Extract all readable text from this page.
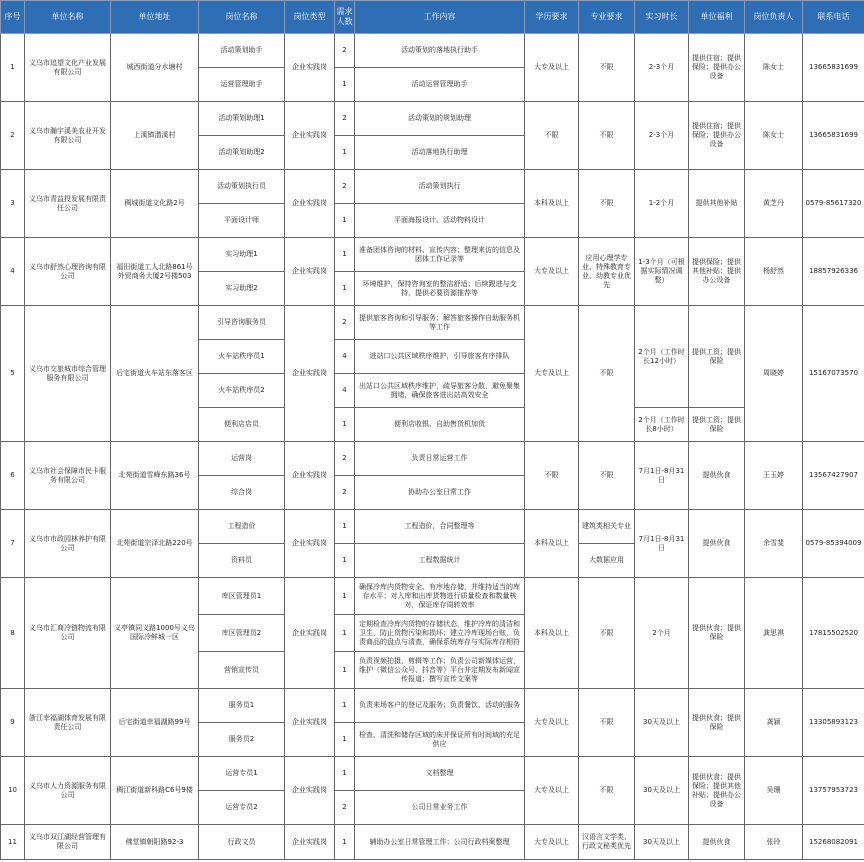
序号	单位名称	单位地址	岗位名称	岗位类型	需求人数	工作内容	学历要求	专业要求	实习时长	单位福利	岗位负责人	联系电话
1	义乌市追望文化产业发展有限公司	城西街道分水塘村	活动策划助手	企业实践岗	2	活动策划的落地执行助手	大专及以上	不限	2-3个月	提供住宿；提供保险；提供办公设备	陈女士	13665831699
			运营管理助手		1	活动运营管理助手						
2	义乌市瀚宇溪美农业开发有限公司	上溪镇潜溪村	活动策划助理1	企业实践岗	2	活动策划的规划助理	不限	不限	2-3个月	提供住宿；提供保险；提供办公设备	陈女士	13665831699
			活动策划助理2		1	活动落地执行助理						
3	义乌市青益投发展有限责任公司	稠城街道文化路2号	活动策划执行员	企业实践岗	2	活动策划执行	本科及以上	不限	1-2个月	提供其他补贴	黄芝丹	0579-85617320
			平面设计师		1	平面海报设计、活动物料设计						
4	义乌市舒然心理咨询有限公司	福田街道工人北路861号外贸商务大厦2号楼503	实习助理1	企业实践岗	1	准备团体咨询的材料、宣传内容；整理来访的信息及团体工作记录等	大专及以上	应用心理学专业、特殊教育专业、幼教专业优先	1-3个月（可根据实际情况调整）	提供保险；提供其他补贴；提供办公设备	杨舒然	18857926336
			实习助理2		1	环境维护，保持咨询室的整洁舒适；后续跟进与支持，提供必要资源推荐等						
5	义乌市交旅城市综合管理服务有限公司	后宅街道火车站东落客区	引导咨询服务员	企业实践岗	2	提供旅客咨询和引导服务；解答旅客操作自助服务机等工作	大专及以上	不限	2个月（工作时长12小时）	提供工资；提供保险	周晓婷	15167073570
			火车站秩序员1		4	进站口公共区域秩序维护，引导旅客有序排队						
			火车站秩序员2		4	出站口公共区域秩序维护，疏导旅客分散，避免聚集拥堵，确保旅客进出站高效安全						
			便利店店员		1	便利店收银、自助售货机加货			2个月（工作时长8小时）	提供工资；提供保险		
6	义乌市社会保障市民卡服务有限公司	北苑街道雪峰东路36号	运营岗	企业实践岗	2	负责日常运营工作	不限	不限	7月1日-8月31日	提供伙食	王玉婷	13567427907
			综合岗		2	协助办公室日常工作						
7	义乌市市政园林养护有限公司	北苑街道宗泽北路220号	工程造价	企业实践岗	1	工程造价，合同整理等	本科及以上	建筑类相关专业	7月1日-8月31日	提供伙食	余雪斐	0579-85394009
			资料员		1	工程数据统计		大数据应用				
8	义乌市汇商冷链物流有限公司	义亭镇同义路1000号义乌国际冷鲜城一区	库区管理员1	企业实践岗	1	确保冷库内货物安全、有序地存储，并维持适当的库存水平；对入库和出库货物进行质量检查和数量核对，保证库存周转效率	本科及以上	不限	2个月	提供伙食；提供保险	龚思祺	17815502520
			库区管理员2		1	定期检查冷库内货物的存储状态，维护冷库的清洁和卫生，防止货物污染和损坏；建立冷库现场台账，负责商品的盘点与清查，确保系统库存与实际库存相符						
			营销宣传员		1	负责视频拍摄、剪辑等工作；负责公司新媒体运营，维护（微信公众号、抖音等）平台并定期发布新闻宣传报道；撰写宣传文案等						
9	浙江幸福湖体育发展有限责任公司	后宅街道幸福湖路99号	服务员1	企业实践岗	1	负责来场客户的登记及服务；负责餐饮、活动的服务	大专及以上	不限	30天及以上	提供伙食；提供保险	龚颖	13305893123
			服务员2		1	检查、清洗和储存区域的床并保证所有时间域的充足供应						
10	义乌市人力资源服务有限公司	稠江街道新科路C6号9楼	运营专员1	企业实践岗	1	文档整理	大专及以上	不限	30天及以上	提供伙食；提供保险；提供其他补贴；提供办公设备	吴珊	13757953723
			运营专员2		2	公司日常业务工作						
11	义乌市双江湖经营管理有限公司	佛堂镇朝阳路92-3	行政文员	企业实践岗	1	辅助办公室日常管理工作；公司行政档案整理	大专及以上	汉语言文学类、行政文秘类优先	30天及以上	提供伙食	张玲	15268082091
